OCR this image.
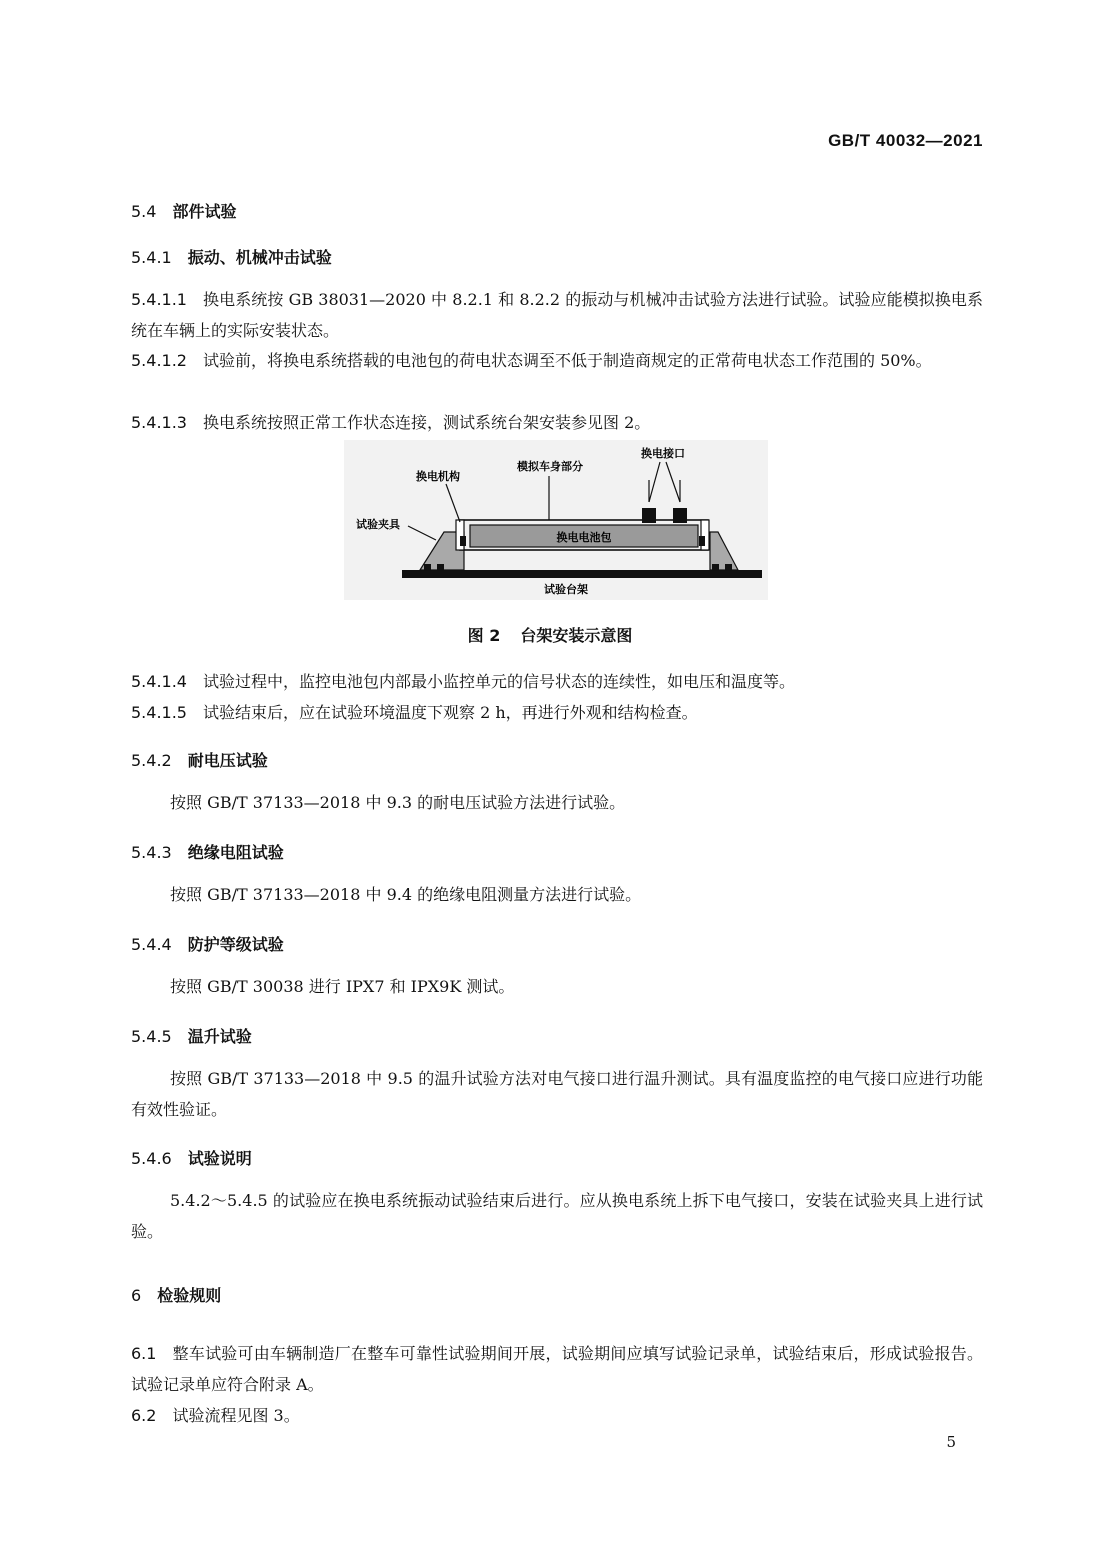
GB/T 40032—2021
5.4 部件试验
5.4.1 振动、机械冲击试验
5.4.1.1 换电系统按 GB 38031—2020 中 8.2.1 和 8.2.2 的振动与机械冲击试验方法进行试验。试验应能模拟换电系统在车辆上的实际安装状态。
5.4.1.2 试验前，将换电系统搭载的电池包的荷电状态调至不低于制造商规定的正常荷电状态工作范围的 50%。
5.4.1.3 换电系统按照正常工作状态连接，测试系统台架安装参见图 2。
换电接口
换电机构
模拟车身部分
试验夹具
换电电池包
试验台架
图 2 台架安装示意图
5.4.1.4 试验过程中，监控电池包内部最小监控单元的信号状态的连续性，如电压和温度等。
5.4.1.5 试验结束后，应在试验环境温度下观察 2 h，再进行外观和结构检查。
5.4.2 耐电压试验
按照 GB/T 37133—2018 中 9.3 的耐电压试验方法进行试验。
5.4.3 绝缘电阻试验
按照 GB/T 37133—2018 中 9.4 的绝缘电阻测量方法进行试验。
5.4.4 防护等级试验
按照 GB/T 30038 进行 IPX7 和 IPX9K 测试。
5.4.5 温升试验
按照 GB/T 37133—2018 中 9.5 的温升试验方法对电气接口进行温升测试。具有温度监控的电气接口应进行功能有效性验证。
5.4.6 试验说明
5.4.2～5.4.5 的试验应在换电系统振动试验结束后进行。应从换电系统上拆下电气接口，安装在试验夹具上进行试验。
6 检验规则
6.1 整车试验可由车辆制造厂在整车可靠性试验期间开展，试验期间应填写试验记录单，试验结束后，形成试验报告。试验记录单应符合附录 A。
6.2 试验流程见图 3。
5
